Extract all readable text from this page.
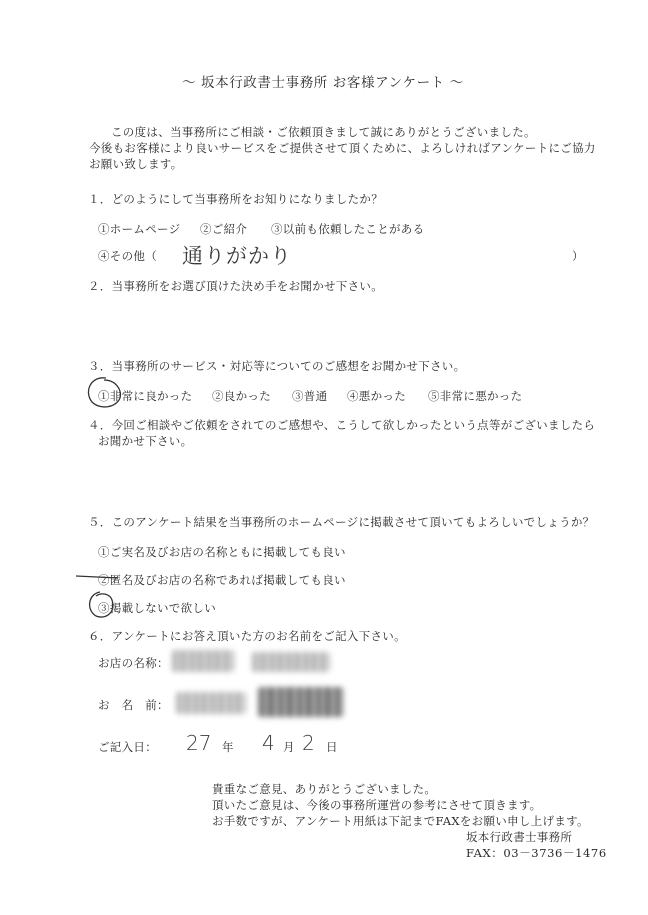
～ 坂本行政書士事務所 お客様アンケート ～
この度は、当事務所にご相談・ご依頼頂きまして誠にありがとうございました。
今後もお客様により良いサービスをご提供させて頂くために、よろしければアンケートにご協力
お願い致します。
１．どのようにして当事務所をお知りになりましたか？
①ホームページ ②ご紹介 ③以前も依頼したことがある
④その他（ 通りがかり	）
２．当事務所をお選び頂けた決め手をお聞かせ下さい。
３．当事務所のサービス・対応等についてのご感想をお聞かせ下さい。
①非常に良かった ②良かった ③普通 ④悪かった ⑤非常に悪かった
４．今回ご相談やご依頼をされてのご感想や、こうして欲しかったという点等がございましたら
お聞かせ下さい。
５．このアンケート結果を当事務所のホームページに掲載させて頂いてもよろしいでしょうか？
①ご実名及びお店の名称ともに掲載しても良い
②匿名及びお店の名称であれば掲載しても良い
③掲載しないで欲しい
６．アンケートにお答え頂いた方のお名前をご記入下さい。
お店の名称：
お　名　前：
ご記入日： 27 年 4 月 2 日
貴重なご意見、ありがとうございました。
頂いたご意見は、今後の事務所運営の参考にさせて頂きます。
お手数ですが、アンケート用紙は下記までFAXをお願い申し上げます。
坂本行政書士事務所
FAX：03－3736－1476
